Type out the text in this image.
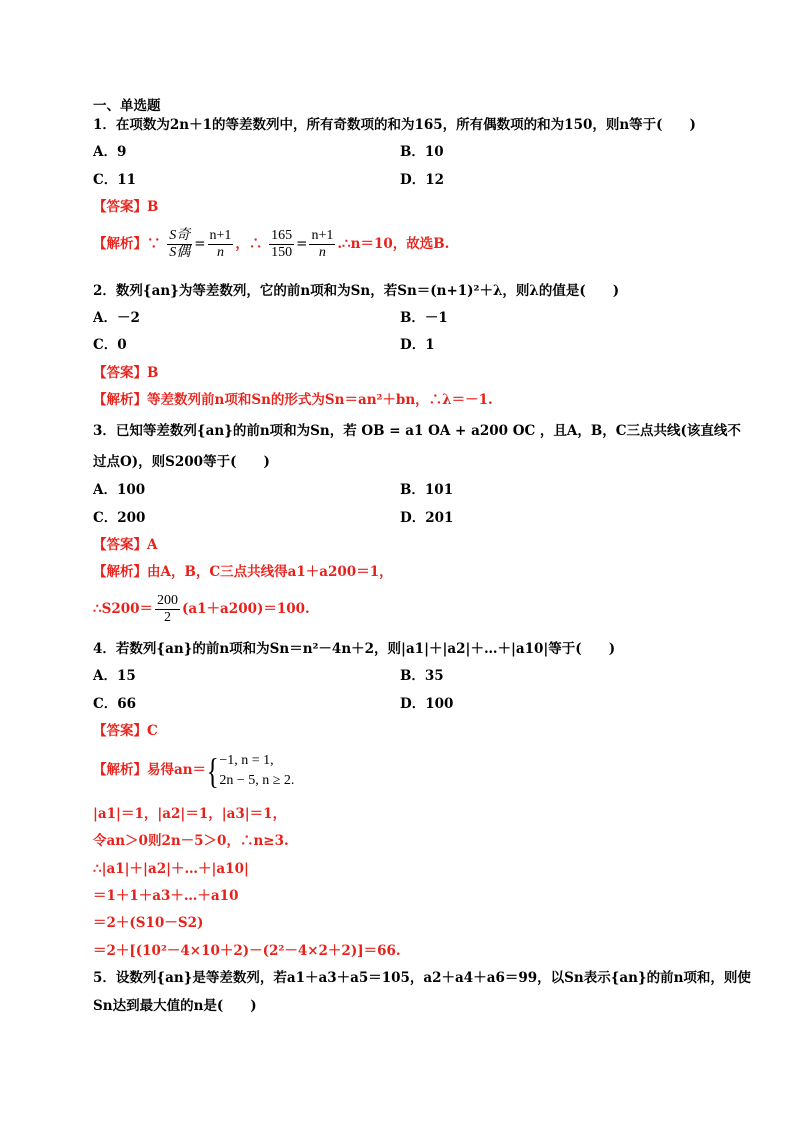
一、单选题
1．在项数为2n＋1的等差数列中，所有奇数项的和为165，所有偶数项的和为150，则n等于(　　)
A．9	B．10
C．11	D．12
【答案】B
【解析】∵ $\frac{\text{S奇}}{\text{S偶}} = \frac{n+1}{n}$ ，∴ $\frac{165}{150} = \frac{n+1}{n}$ .∴n＝10，故选B.
2．数列{an}为等差数列，它的前n项和为Sn，若Sn＝(n+1)²＋λ，则λ的值是(　　)
A．－2	B．－1
C．0	D．1
【答案】B
【解析】等差数列前n项和Sn的形式为Sn＝an²＋bn，∴λ＝－1.
3．已知等差数列{an}的前n项和为Sn，若 OB = a1 OA + a200 OC ，且A，B，C三点共线(该直线不
过点O)，则S200等于(　　)
A．100	B．101
C．200	D．201
【答案】A
【解析】由A，B，C三点共线得a1＋a200＝1，
∴S200＝ $\frac{200}{2} (a1+a200)=100$.
4．若数列{an}的前n项和为Sn＝n²－4n＋2，则|a1|＋|a2|＋…＋|a10|等于(　　)
A．15	B．35
C．66	D．100
【答案】C
【解析】易得an＝{ −1, n = 1,
2n − 5, n ≥ 2.
|a1|＝1，|a2|＝1，|a3|＝1，
令an＞0则2n－5＞0，∴n≥3.
∴|a1|＋|a2|＋…＋|a10|
＝1＋1＋a3＋…＋a10
＝2＋(S10－S2)
＝2＋[(10²－4×10＋2)－(2²－4×2＋2)]＝66.
5．设数列{an}是等差数列，若a1＋a3＋a5＝105，a2＋a4＋a6＝99，以Sn表示{an}的前n项和，则使
Sn达到最大值的n是(　　)
